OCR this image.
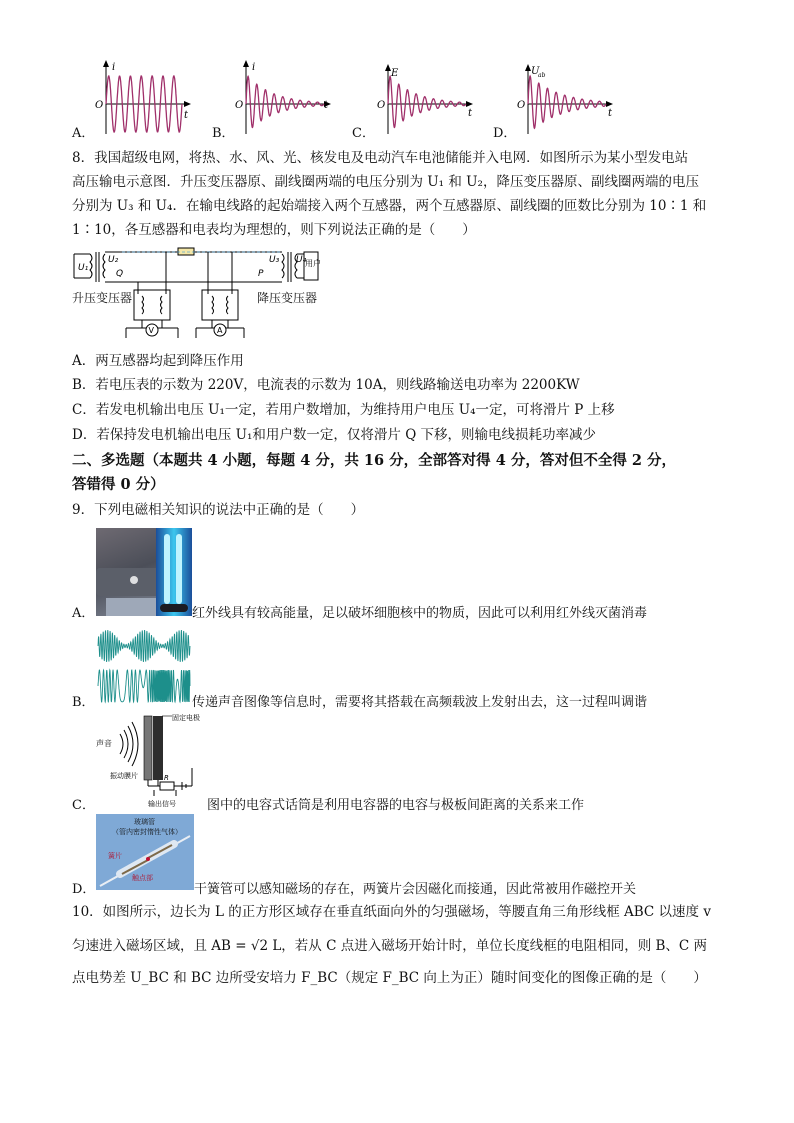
A．	B．	C．	D．
i
O
t
i
O	t
E
O
t
U
ab
O
t
8．我国超级电网，将热、水、风、光、核发电及电动汽车电池储能并入电网．如图所示为某小型发电站
高压输电示意图．升压变压器原、副线圈两端的电压分别为 U₁ 和 U₂，降压变压器原、副线圈两端的电压
分别为 U₃ 和 U₄．在输电线路的起始端接入两个互感器，两个互感器原、副线圈的匝数比分别为 10∶1 和
1∶10，各互感器和电表均为理想的，则下列说法正确的是（　　）
U₁
U₂
Q
V	A
U₃ U₄
P
用户
升压变压器	降压变压器
A．两互感器均起到降压作用
B．若电压表的示数为 220V，电流表的示数为 10A，则线路输送电功率为 2200KW
C．若发电机输出电压 U₁一定，若用户数增加，为维持用户电压 U₄一定，可将滑片 P 上移
D．若保持发电机输出电压 U₁和用户数一定，仅将滑片 Q 下移，则输电线损耗功率减少
二、多选题（本题共 4 小题，每题 4 分，共 16 分，全部答对得 4 分，答对但不全得 2 分，
答错得 0 分）
9．下列电磁相关知识的说法中正确的是（　　）
A．	红外线具有较高能量，足以破坏细胞核中的物质，因此可以利用红外线灭菌消毒
B．	传递声音图像等信息时，需要将其搭载在高频载波上发射出去，这一过程叫调谐
C．
声音
固定电极
振动膜片	R
输出信号 图中的电容式话筒是利用电容器的电容与极板间距离的关系来工作
D．
玻璃管
（管内密封惰性气体）
簧片
触点部
干簧管可以感知磁场的存在，两簧片会因磁化而接通，因此常被用作磁控开关
10．如图所示，边长为 L 的正方形区域存在垂直纸面向外的匀强磁场，等腰直角三角形线框 ABC 以速度 v
匀速进入磁场区域，且 AB = √2 L，若从 C 点进入磁场开始计时，单位长度线框的电阻相同，则 B、C 两
点电势差 U_BC 和 BC 边所受安培力 F_BC（规定 F_BC 向上为正）随时间变化的图像正确的是（　　）
